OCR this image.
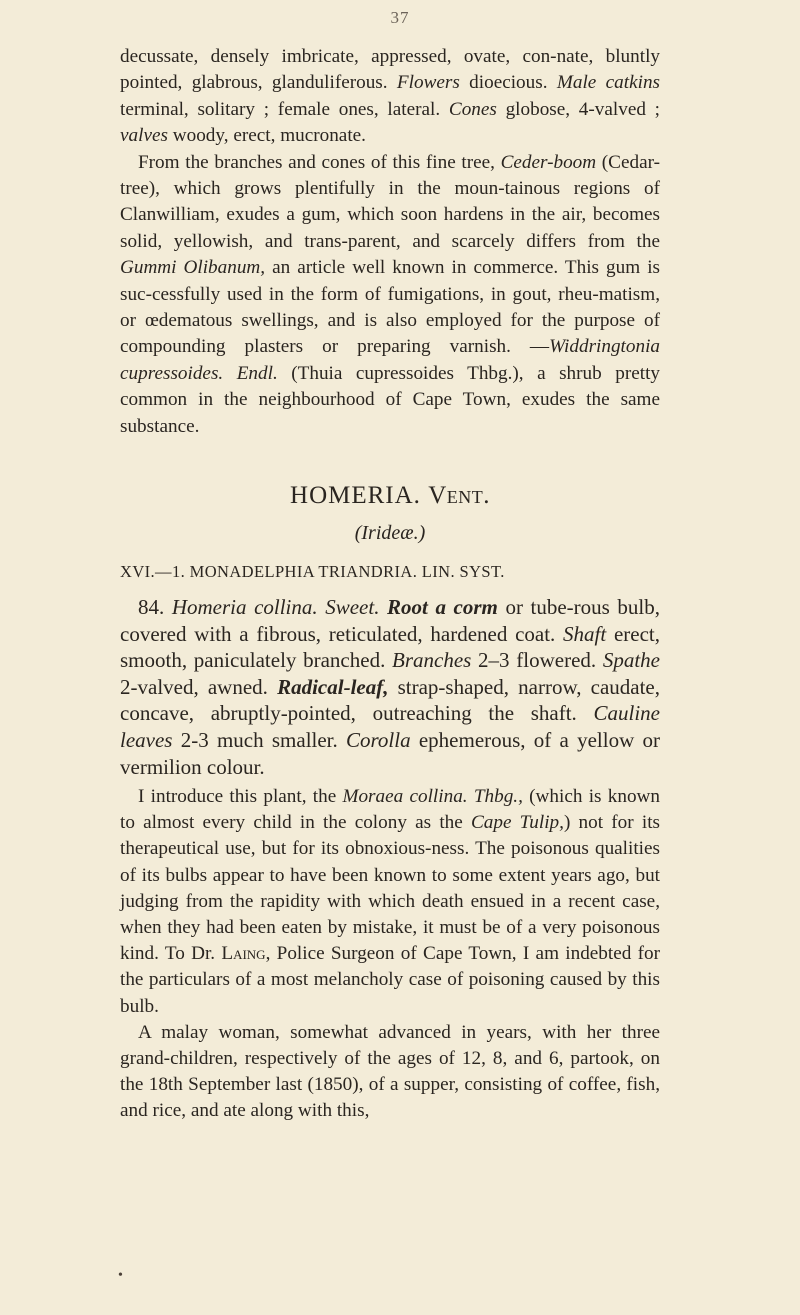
37

decussate, densely imbricate, appressed, ovate, con-nate, bluntly pointed, glabrous, glanduliferous. Flowers dioecious. Male catkins terminal, solitary ; female ones, lateral. Cones globose, 4-valved ; valves woody, erect, mucronate.

From the branches and cones of this fine tree, Ceder-boom (Cedar-tree), which grows plentifully in the moun-tainous regions of Clanwilliam, exudes a gum, which soon hardens in the air, becomes solid, yellowish, and trans-parent, and scarcely differs from the Gummi Olibanum, an article well known in commerce. This gum is suc-cessfully used in the form of fumigations, in gout, rheu-matism, or œdematous swellings, and is also employed for the purpose of compounding plasters or preparing varnish. —Widdringtonia cupressoides. Endl. (Thuia cupressoides Thbg.), a shrub pretty common in the neighbourhood of Cape Town, exudes the same substance.

HOMERIA. Vent.
(Irideæ.)
XVI.—1. MONADELPHIA TRIANDRIA. LIN. SYST.

84. Homeria collina. Sweet. Root a corm or tube-rous bulb, covered with a fibrous, reticulated, hardened coat. Shaft erect, smooth, paniculately branched. Branches 2–3 flowered. Spathe 2-valved, awned. Radical-leaf, strap-shaped, narrow, caudate, concave, abruptly-pointed, outreaching the shaft. Cauline leaves 2-3 much smaller. Corolla ephemerous, of a yellow or vermilion colour.

I introduce this plant, the Moraea collina. Thbg., (which is known to almost every child in the colony as the Cape Tulip,) not for its therapeutical use, but for its obnoxious-ness. The poisonous qualities of its bulbs appear to have been known to some extent years ago, but judging from the rapidity with which death ensued in a recent case, when they had been eaten by mistake, it must be of a very poisonous kind. To Dr. Laing, Police Surgeon of Cape Town, I am indebted for the particulars of a most melancholy case of poisoning caused by this bulb.

A malay woman, somewhat advanced in years, with her three grand-children, respectively of the ages of 12, 8, and 6, partook, on the 18th September last (1850), of a supper, consisting of coffee, fish, and rice, and ate along with this,

•
